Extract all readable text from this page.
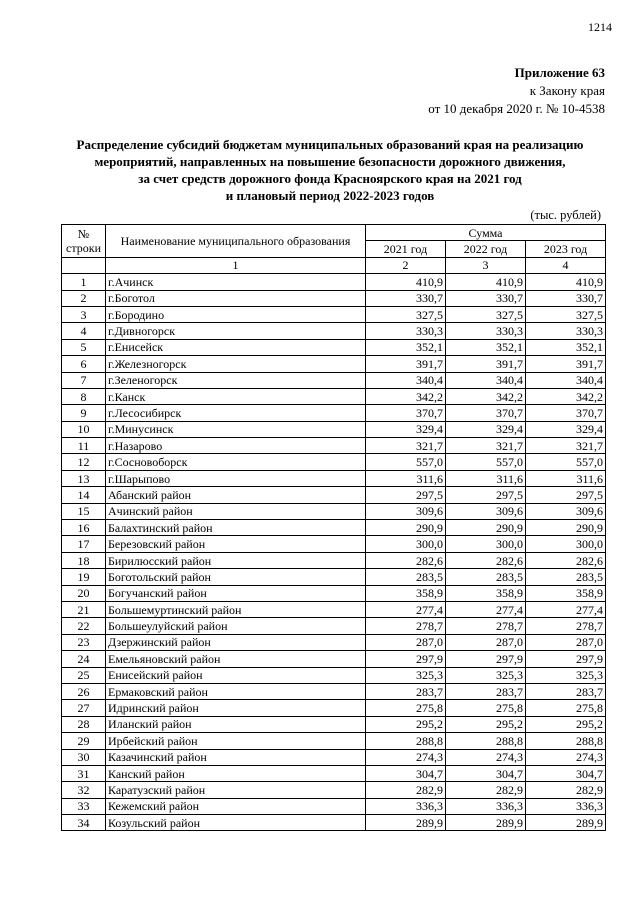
1214
Приложение 63
к Закону края
от 10 декабря 2020 г. № 10-4538
Распределение субсидий бюджетам муниципальных образований края на реализацию
мероприятий, направленных на повышение безопасности дорожного движения,
за счет средств дорожного фонда Красноярского края на 2021 год
и плановый период 2022-2023 годов
(тыс. рублей)
№
строки	Наименование муниципального образования	Сумма		
		2021 год	2022 год	2023 год
	1	2	3	4
1	г.Ачинск	410,9	410,9	410,9
2	г.Боготол	330,7	330,7	330,7
3	г.Бородино	327,5	327,5	327,5
4	г.Дивногорск	330,3	330,3	330,3
5	г.Енисейск	352,1	352,1	352,1
6	г.Железногорск	391,7	391,7	391,7
7	г.Зеленогорск	340,4	340,4	340,4
8	г.Канск	342,2	342,2	342,2
9	г.Лесосибирск	370,7	370,7	370,7
10	г.Минусинск	329,4	329,4	329,4
11	г.Назарово	321,7	321,7	321,7
12	г.Сосновоборск	557,0	557,0	557,0
13	г.Шарыпово	311,6	311,6	311,6
14	Абанский район	297,5	297,5	297,5
15	Ачинский район	309,6	309,6	309,6
16	Балахтинский район	290,9	290,9	290,9
17	Березовский район	300,0	300,0	300,0
18	Бирилюсский район	282,6	282,6	282,6
19	Боготольский район	283,5	283,5	283,5
20	Богучанский район	358,9	358,9	358,9
21	Большемуртинский район	277,4	277,4	277,4
22	Большеулуйский район	278,7	278,7	278,7
23	Дзержинский район	287,0	287,0	287,0
24	Емельяновский район	297,9	297,9	297,9
25	Енисейский район	325,3	325,3	325,3
26	Ермаковский район	283,7	283,7	283,7
27	Идринский район	275,8	275,8	275,8
28	Иланский район	295,2	295,2	295,2
29	Ирбейский район	288,8	288,8	288,8
30	Казачинский район	274,3	274,3	274,3
31	Канский район	304,7	304,7	304,7
32	Каратузский район	282,9	282,9	282,9
33	Кежемский район	336,3	336,3	336,3
34	Козульский район	289,9	289,9	289,9
